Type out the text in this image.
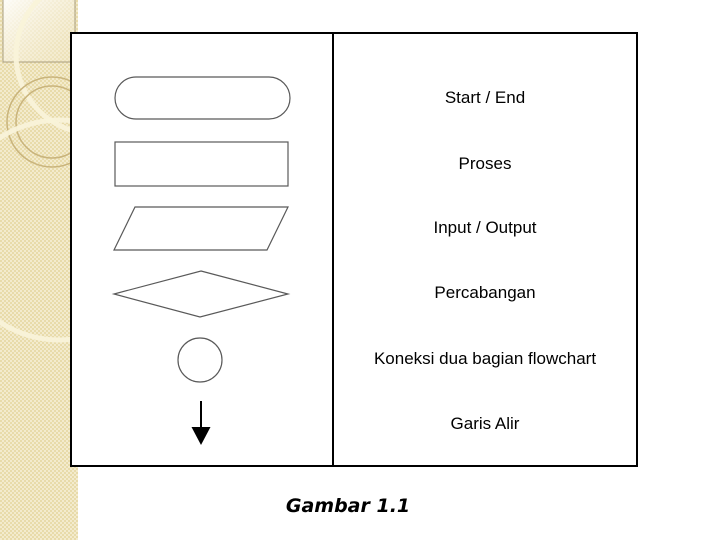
Start / End
Proses
Input / Output
Percabangan
Koneksi dua bagian flowchart
Garis Alir
Gambar 1.1
